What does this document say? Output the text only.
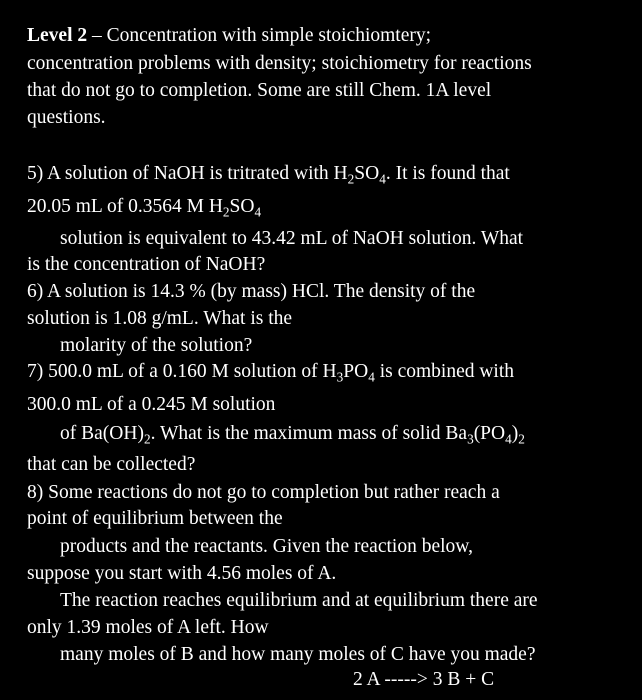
Level 2 – Concentration with simple stoichiomtery;
concentration problems with density; stoichiometry for reactions
that do not go to completion. Some are still Chem. 1A level
questions.
5) A solution of NaOH is tritrated with $H_2SO_4$. It is found that
20.05 mL of 0.3564 M $H_2SO_4$
solution is equivalent to 43.42 mL of NaOH solution. What
is the concentration of NaOH?
6) A solution is 14.3 % (by mass) HCl. The density of the
solution is 1.08 g/mL. What is the
molarity of the solution?
7) 500.0 mL of a 0.160 M solution of $H_3PO_4$ is combined with
300.0 mL of a 0.245 M solution
of $Ba(OH)_2$. What is the maximum mass of solid $Ba_3(PO_4)_2$
that can be collected?
8) Some reactions do not go to completion but rather reach a
point of equilibrium between the
products and the reactants. Given the reaction below,
suppose you start with 4.56 moles of A.
The reaction reaches equilibrium and at equilibrium there are
only 1.39 moles of A left. How
many moles of B and how many moles of C have you made?
2 A -----> 3 B + C
